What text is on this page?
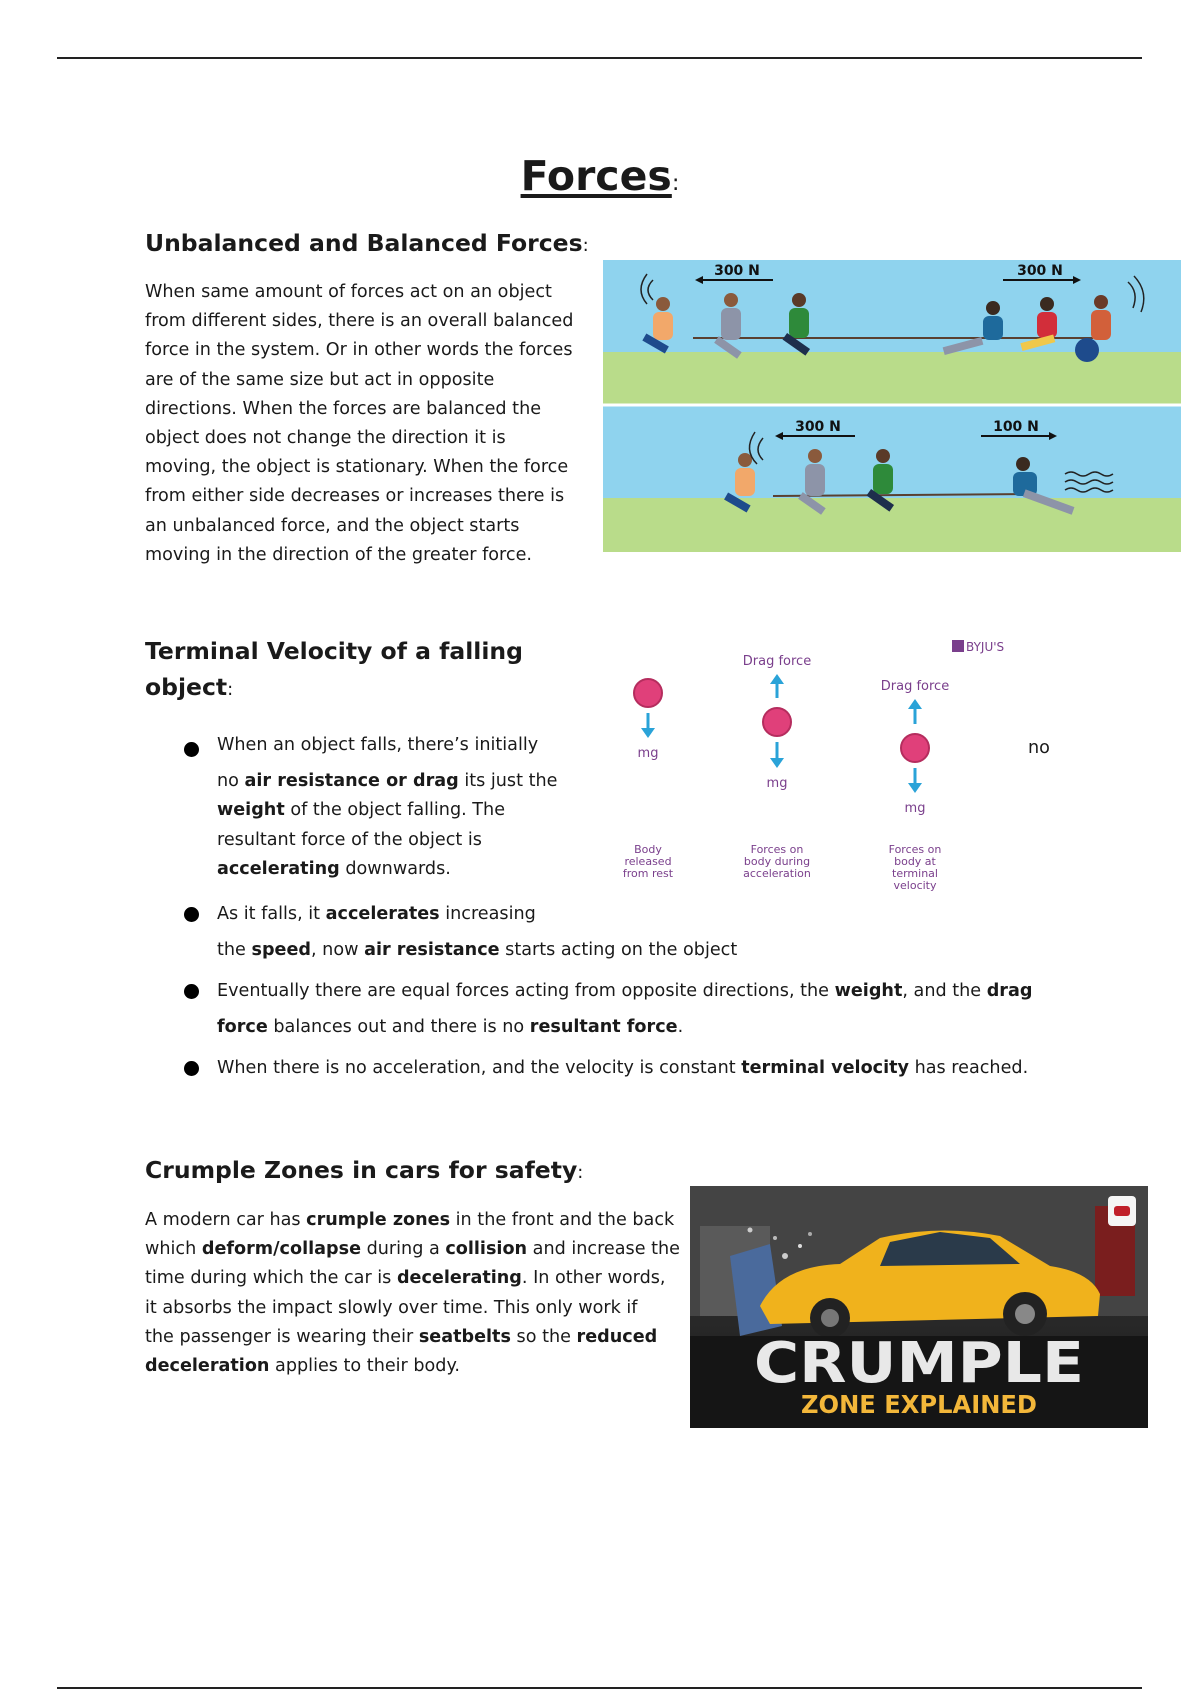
Forces:
Unbalanced and Balanced Forces:
When same amount of forces act on an object
from different sides, there is an overall balanced
force in the system. Or in other words the forces
are of the same size but act in opposite
directions. When the forces are balanced the
object does not change the direction it is
moving, the object is stationary. When the force
from either side decreases or increases there is
an unbalanced force, and the object starts
moving in the direction of the greater force.
300 N	300 N
300 N	100 N
Terminal Velocity of a falling
object:
When an object falls, there’s initially
no air resistance or drag its just the
weight of the object falling. The
resultant force of the object is
accelerating downwards.
As it falls, it accelerates increasing
the speed, now air resistance starts acting on the object
Eventually there are equal forces acting from opposite directions, the weight, and the drag
force balances out and there is no resultant force.
When there is no acceleration, and the velocity is constant terminal velocity has reached.
no
BYJU'S
mg
Body
released
from rest
Drag force
mg
Forces on
body during
acceleration
Drag force
mg
Forces on
body at
terminal
velocity
Crumple Zones in cars for safety:
A modern car has crumple zones in the front and the back
which deform/collapse during a collision and increase the
time during which the car is decelerating. In other words,
it absorbs the impact slowly over time. This only work if
the passenger is wearing their seatbelts so the reduced
deceleration applies to their body.	CRUMPLE
ZONE EXPLAINED
